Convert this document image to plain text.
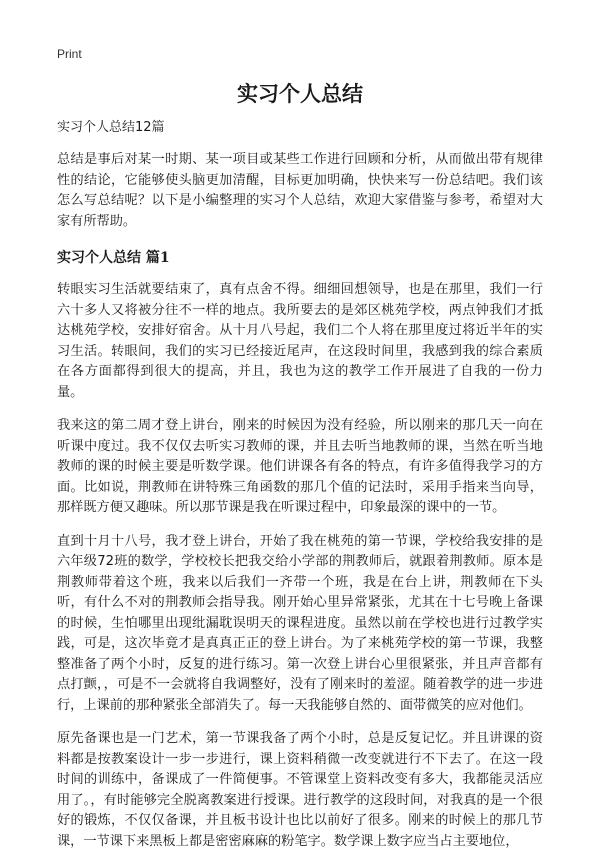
Print
实习个人总结

实习个人总结12篇

总结是事后对某一时期、某一项目或某些工作进行回顾和分析，从而做出带有规律性的结论，它能够使头脑更加清醒，目标更加明确，快快来写一份总结吧。我们该怎么写总结呢？以下是小编整理的实习个人总结，欢迎大家借鉴与参考，希望对大家有所帮助。

实习个人总结 篇1

转眼实习生活就要结束了，真有点舍不得。细细回想领导，也是在那里，我们一行六十多人又将被分往不一样的地点。我所要去的是郊区桃苑学校，两点钟我们才抵达桃苑学校，安排好宿舍。从十月八号起，我们二个人将在那里度过将近半年的实习生活。转眼间，我们的实习已经接近尾声，在这段时间里，我感到我的综合素质在各方面都得到很大的提高，并且，我也为这的教学工作开展进了自我的一份力量。

我来这的第二周才登上讲台，刚来的时候因为没有经验，所以刚来的那几天一向在听课中度过。我不仅仅去听实习教师的课，并且去听当地教师的课，当然在听当地教师的课的时候主要是听数学课。他们讲课各有各的特点，有许多值得我学习的方面。比如说，荆教师在讲特殊三角函数的那几个值的记法时，采用手指来当向导，那样既方便又趣味。所以那节课是我在听课过程中，印象最深的课中的一节。

直到十月十八号，我才登上讲台，开始了我在桃苑的第一节课，学校给我安排的是六年级72班的数学，学校校长把我交给小学部的荆教师后，就跟着荆教师。原本是荆教师带着这个班，我来以后我们一齐带一个班，我是在台上讲，荆教师在下头听，有什么不对的荆教师会指导我。刚开始心里异常紧张，尤其在十七号晚上备课的时候，生怕哪里出现纰漏耽误明天的课程进度。虽然以前在学校也进行过教学实践，可是，这次毕竟才是真真正正的登上讲台。为了来桃苑学校的第一节课，我整整准备了两个小时，反复的进行练习。第一次登上讲台心里很紧张，并且声音都有点打颤，，可是不一会就将自我调整好，没有了刚来时的羞涩。随着教学的进一步进行，上课前的那种紧张全部消失了。每一天我能够自然的、面带微笑的应对他们。

原先备课也是一门艺术，第一节课我备了两个小时，总是反复记忆。并且讲课的资料都是按教案设计一步一步进行，课上资料稍微一改变就进行不下去了。在这一段时间的训练中，备课成了一件简便事。不管课堂上资料改变有多大，我都能灵活应用了。，有时能够完全脱离教案进行授课。进行教学的这段时间，对我真的是一个很好的锻炼，不仅仅备课，并且板书设计也比以前好了很多。刚来的时候上的那几节课，一节课下来黑板上都是密密麻麻的粉笔字。数学课上数字应当占主要地位，
